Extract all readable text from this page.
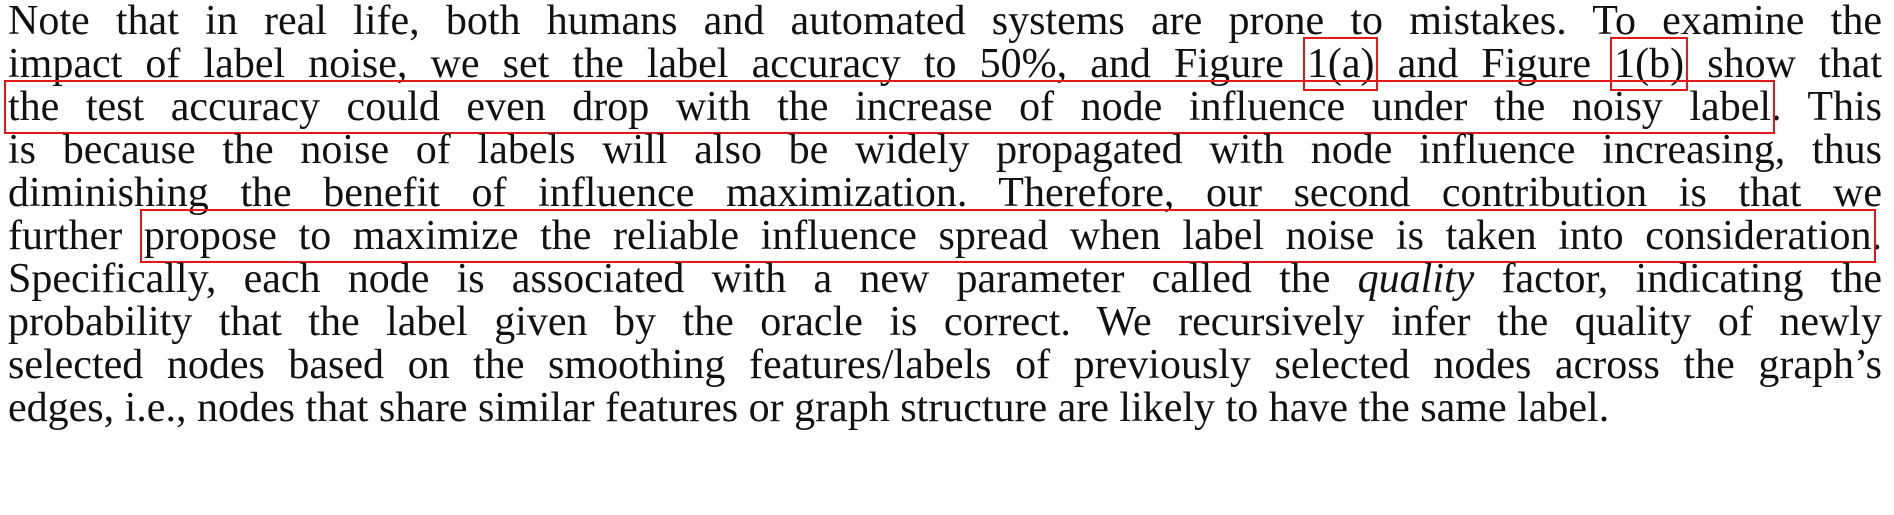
Note that in real life, both humans and automated systems are prone to mistakes. To examine the
impact of label noise, we set the label accuracy to 50%, and Figure 1(a) and Figure 1(b) show that
the test accuracy could even drop with the increase of node influence under the noisy label. This
is because the noise of labels will also be widely propagated with node influence increasing, thus
diminishing the benefit of influence maximization. Therefore, our second contribution is that we
further propose to maximize the reliable influence spread when label noise is taken into consideration.
Specifically, each node is associated with a new parameter called the quality factor, indicating the
probability that the label given by the oracle is correct. We recursively infer the quality of newly
selected nodes based on the smoothing features/labels of previously selected nodes across the graph’s
edges, i.e., nodes that share similar features or graph structure are likely to have the same label.
